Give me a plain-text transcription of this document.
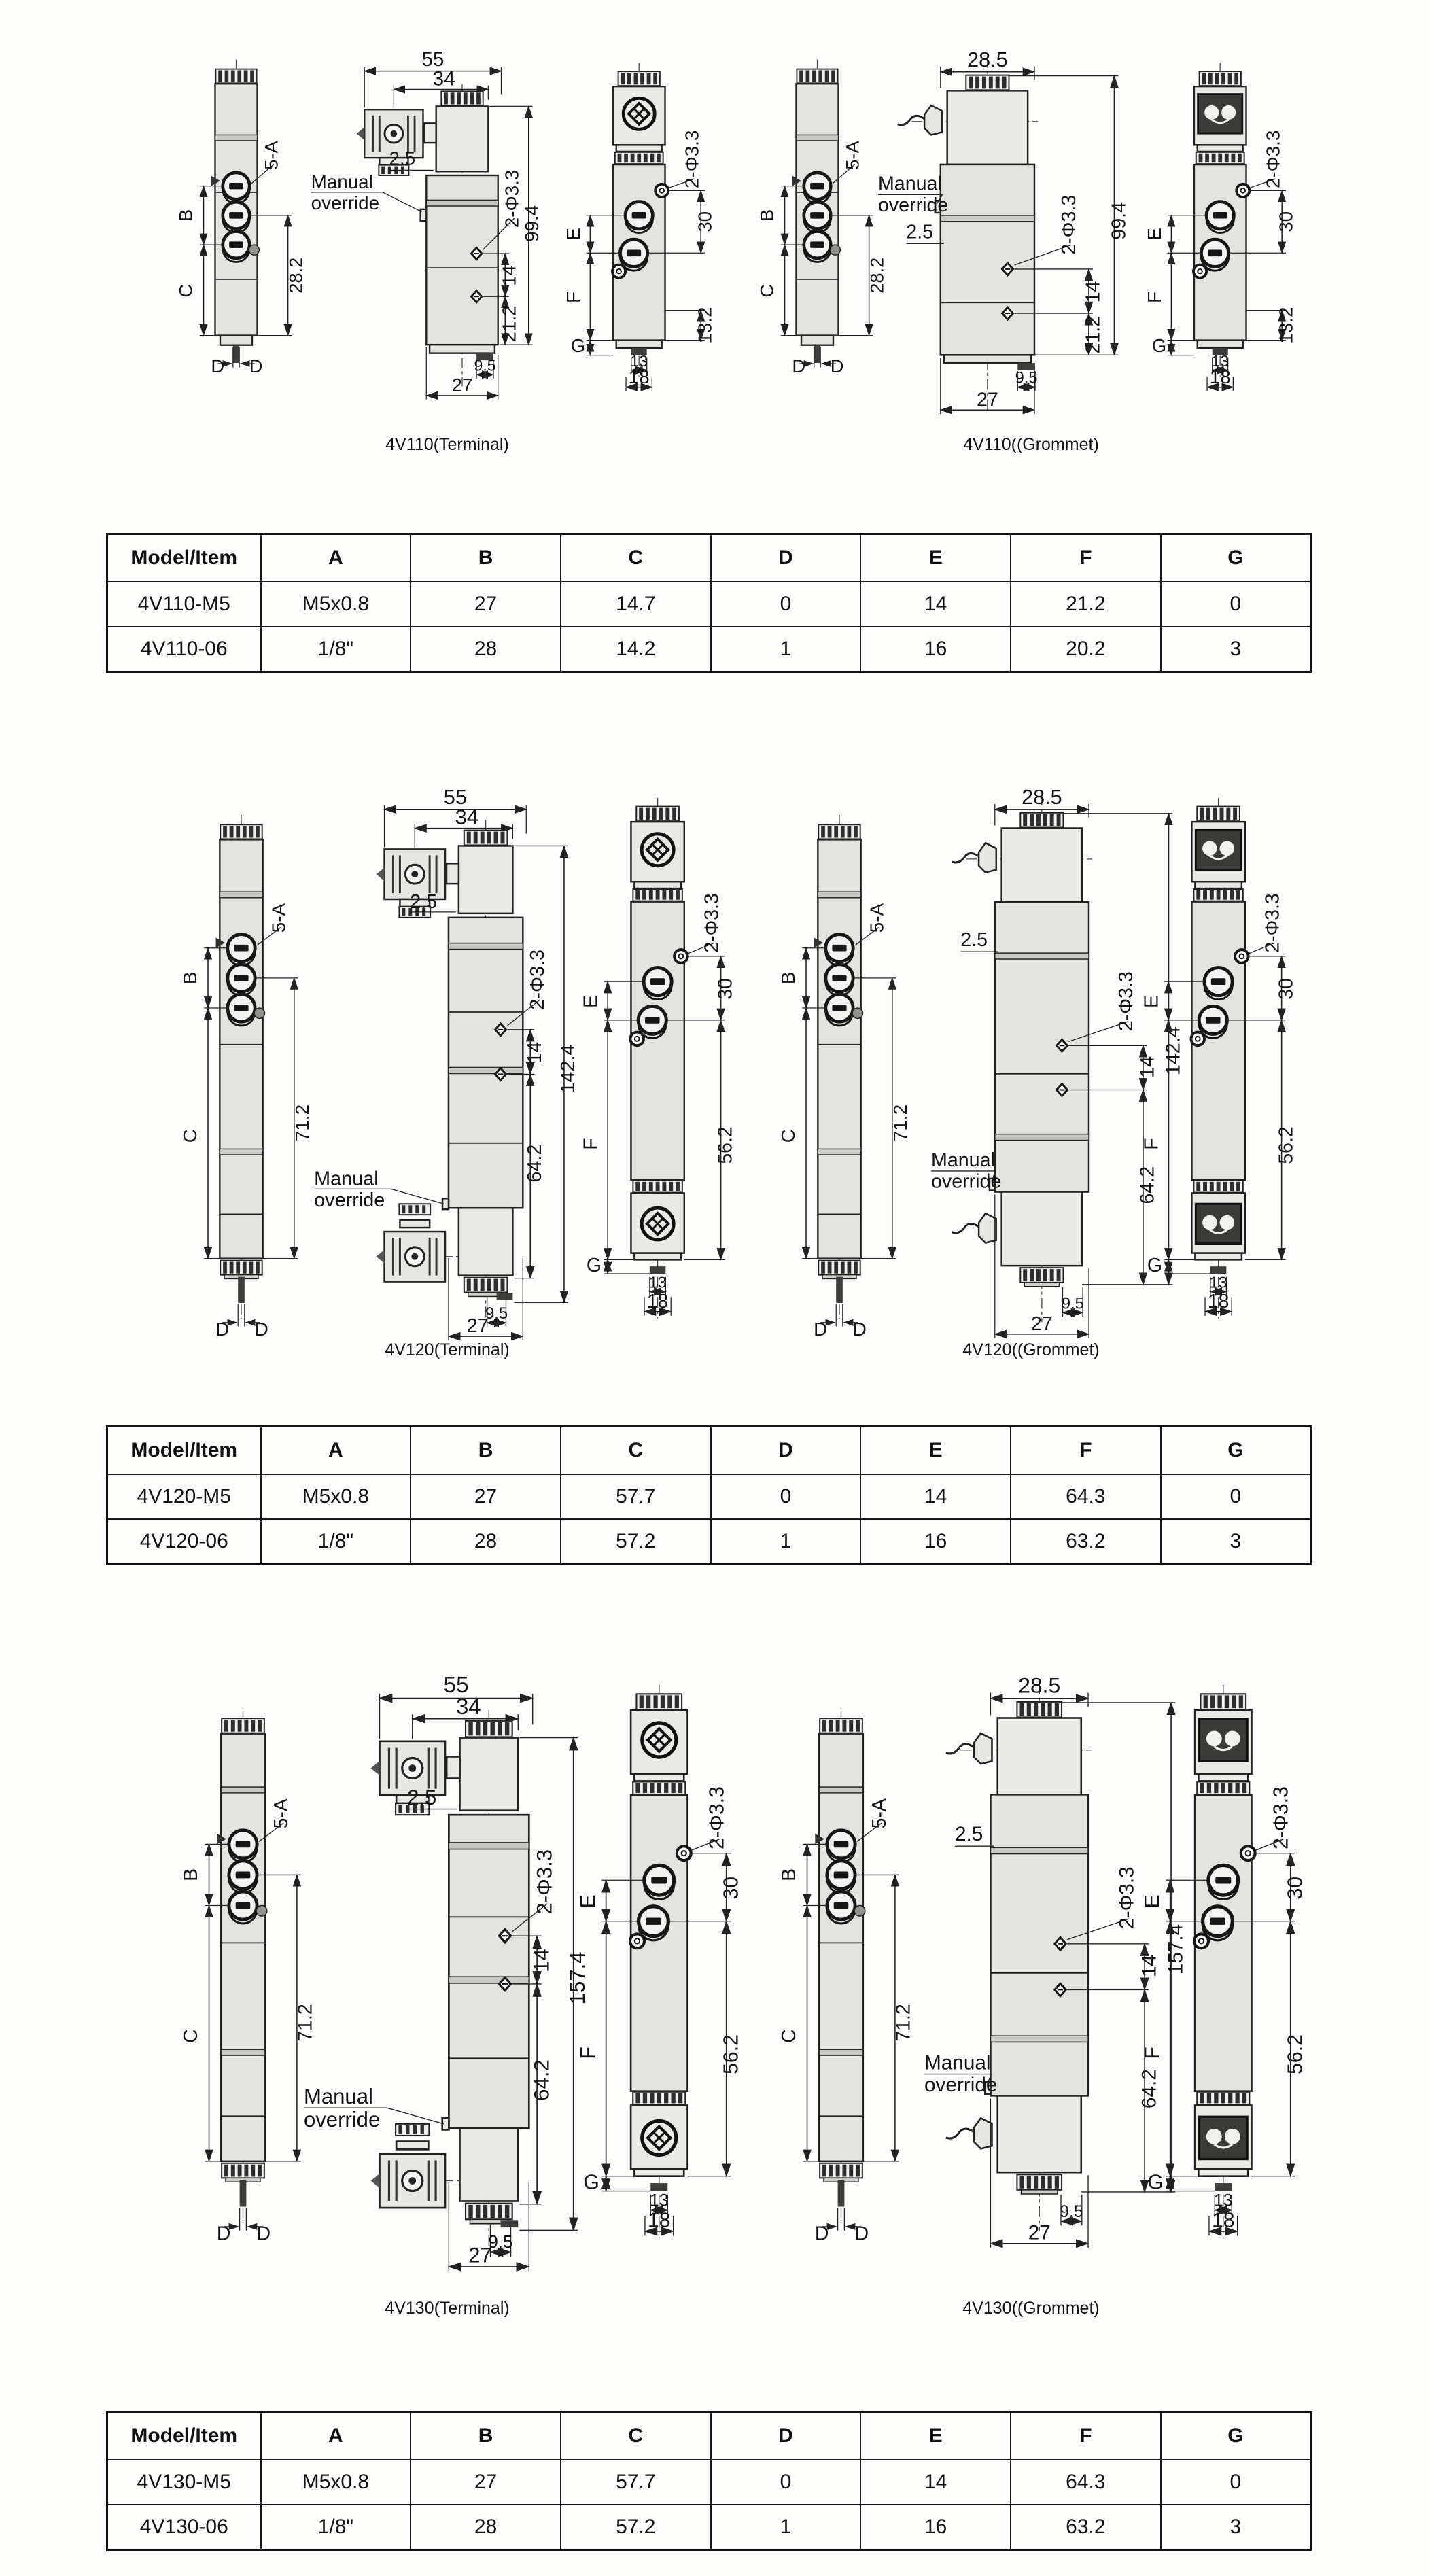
5-A
B
C	28.2
D D
55
34
Manual
override
2.5
2-Φ3.3
14
21.2
99.4
9.5
27
E
F
G
2-Φ3.3
30
13.2
13
18
5-A
B
C	28.2
D D
28.5
Manual
override
2.5	2-Φ3.3
14
21.2
99.4
9.5
27
E
F
G
2-Φ3.3
30
13.2
13
18
4V110(Terminal)	4V110((Grommet)
Model/Item	A	B	C	D	E	F	G
4V110-M5	M5x0.8	27	14.7	0	14	21.2	0
4V110-06	1/8"	28	14.2	1	16	20.2	3
5-A
B
C	71.2
D D
55
34
2-Φ3.3
14
64.2
Manual
override
2.5
142.4
9.5
27
E
F
G
2-Φ3.3
30
56.2
13
18
5-A
B
C	71.2
D D
28.5
Manual
override
2.5
2-Φ3.3
14
64.2
142.4
9.5
27
E
F
G
2-Φ3.3
30
56.2
13
18
4V120(Terminal)	4V120((Grommet)
Model/Item	A	B	C	D	E	F	G
4V120-M5	M5x0.8	27	57.7	0	14	64.3	0
4V120-06	1/8"	28	57.2	1	16	63.2	3
5-A
B
C	71.2
D D
55
34
2-Φ3.3
14
64.2
Manual
override
2.5
157.4
9.5
27
E
F
G
2-Φ3.3
30
56.2
13
18
5-A
B
C	71.2
D D
28.5
Manual
override
2.5
2-Φ3.3
14
64.2
157.4
9.5
27
E
F
G
2-Φ3.3
30
56.2
13
18
4V130(Terminal)	4V130((Grommet)
Model/Item	A	B	C	D	E	F	G
4V130-M5	M5x0.8	27	57.7	0	14	64.3	0
4V130-06	1/8"	28	57.2	1	16	63.2	3
